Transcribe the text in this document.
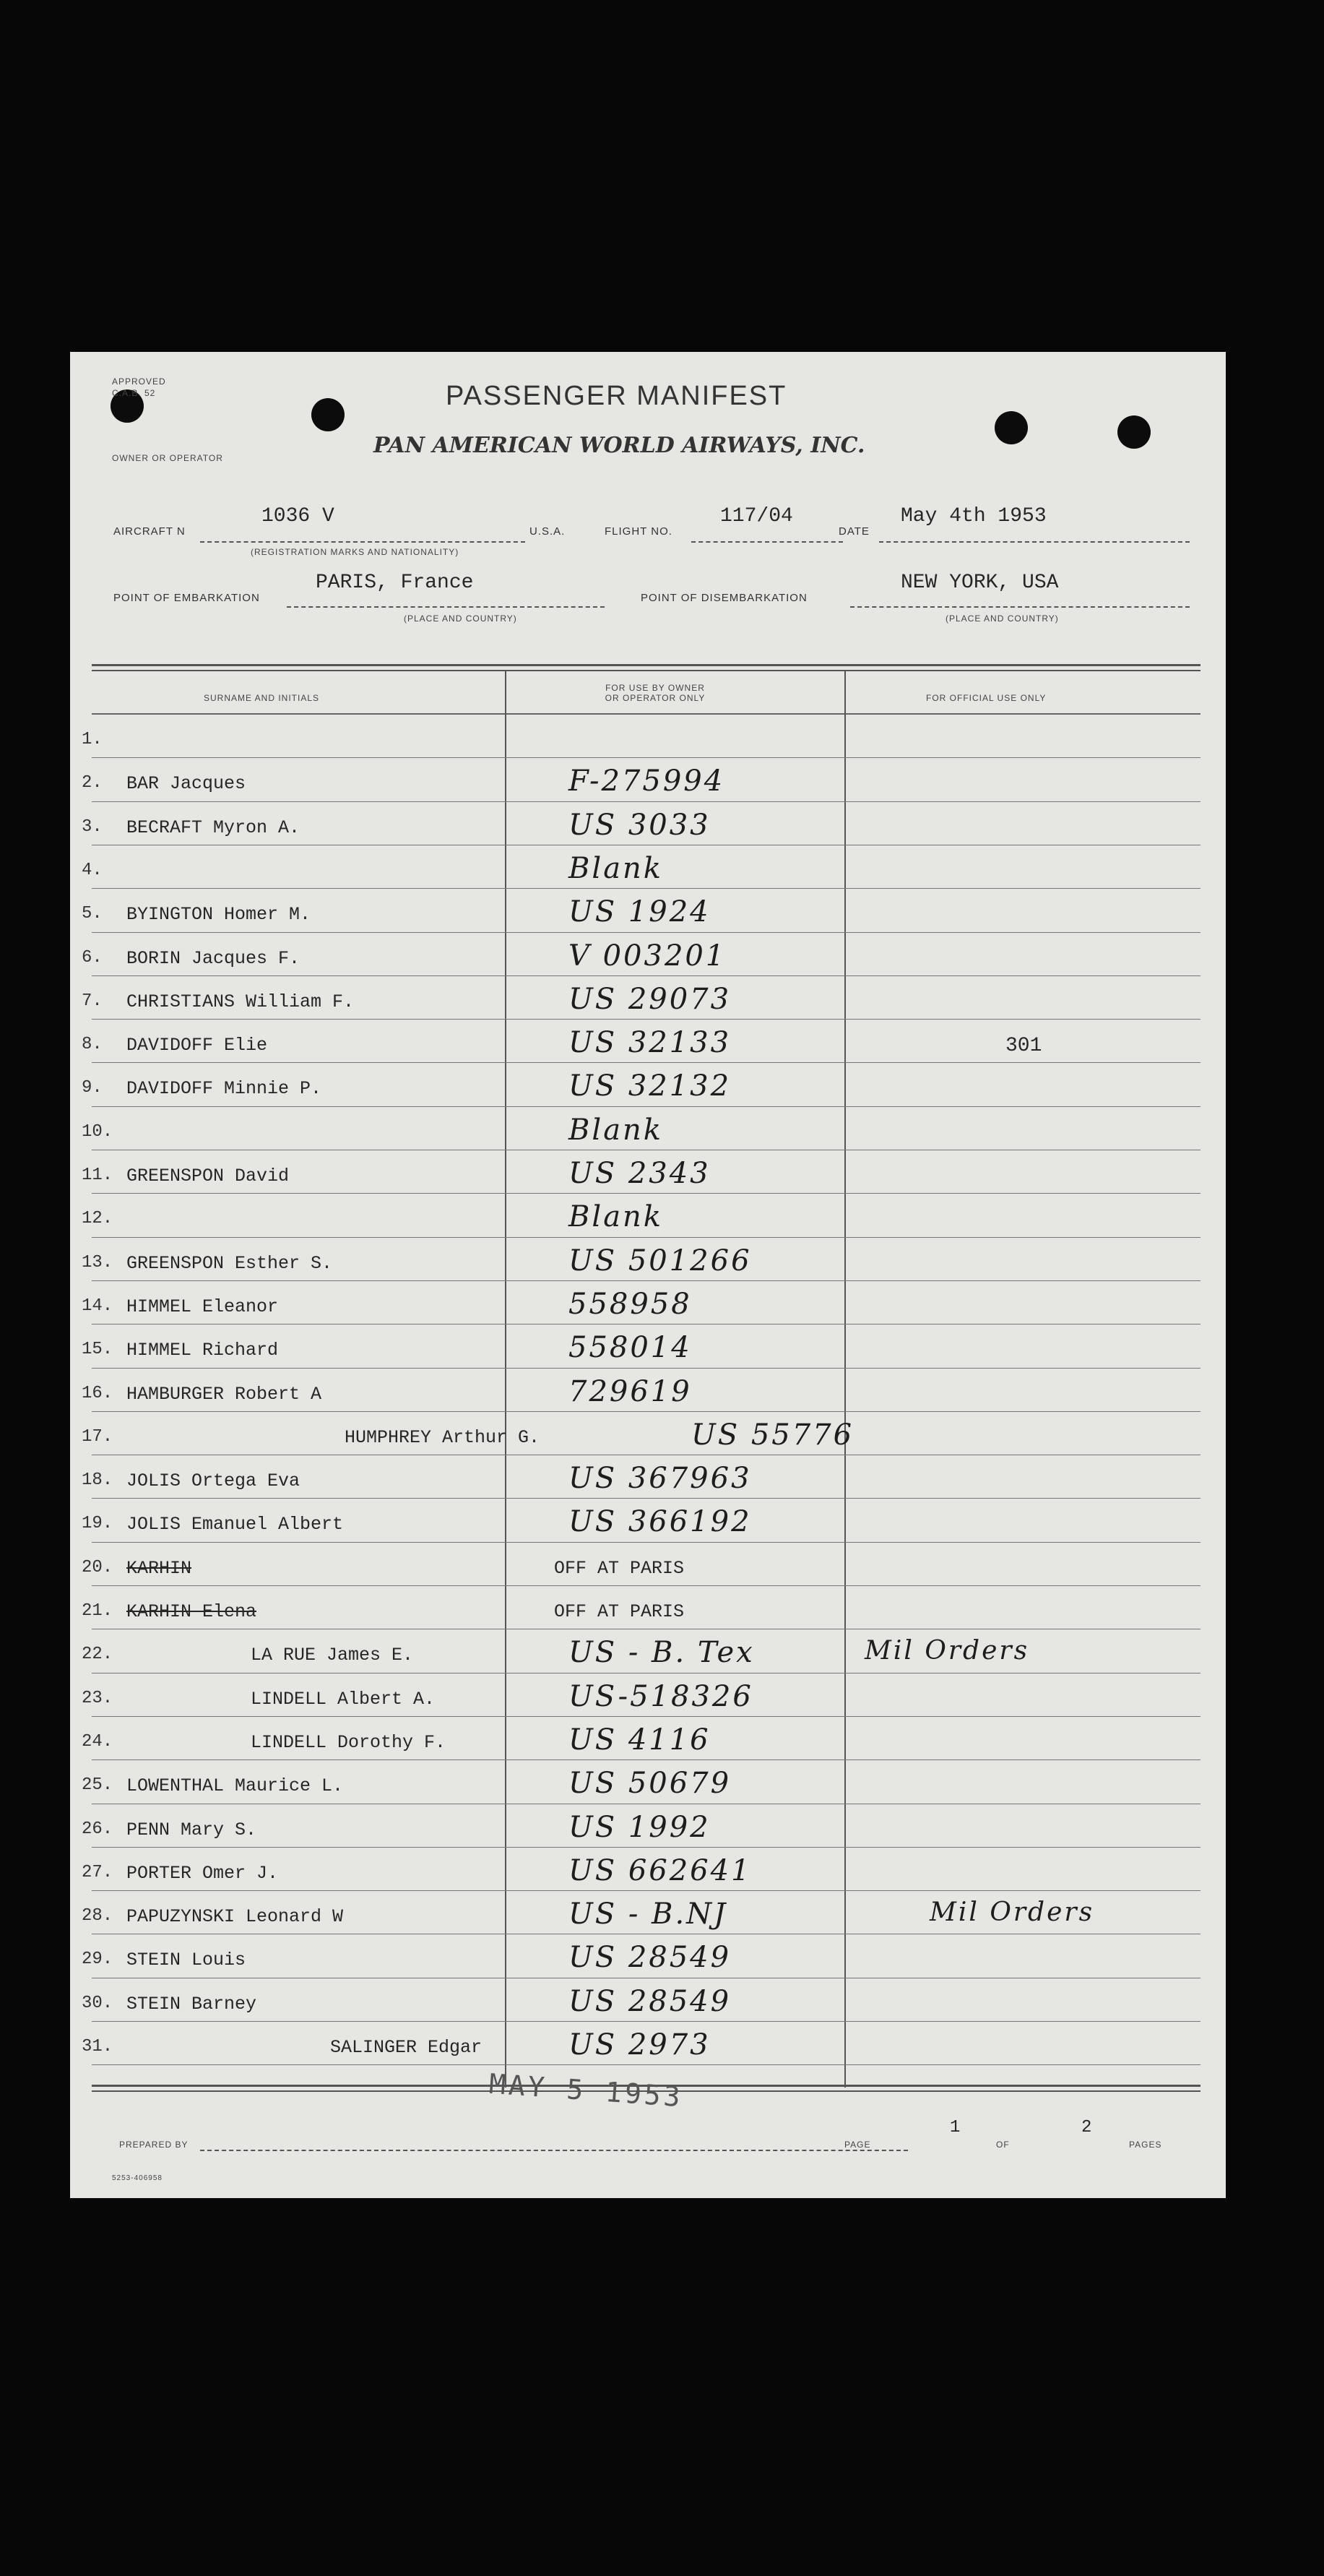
APPROVED
C.A.B. 52
OWNER OR OPERATOR
PASSENGER MANIFEST
PAN AMERICAN WORLD AIRWAYS, INC.
AIRCRAFT N
1036 V
(REGISTRATION MARKS AND NATIONALITY)
U.S.A.	FLIGHT NO.
117/04
DATE
May 4th 1953
POINT OF EMBARKATION
PARIS, France
(PLACE AND COUNTRY)
POINT OF DISEMBARKATION
NEW YORK, USA
(PLACE AND COUNTRY)
SURNAME AND INITIALS
FOR USE BY OWNER OR OPERATOR ONLY	FOR OFFICIAL USE ONLY
1.
2. BAR Jacques	F-275994
3. BECRAFT Myron A.	US 3033
4.	Blank
5. BYINGTON Homer M.	US 1924
6. BORIN Jacques F.	V 003201
7. CHRISTIANS William F.	US 29073
8. DAVIDOFF Elie	US 32133	301
9. DAVIDOFF Minnie P.	US 32132
10.	Blank
11. GREENSPON David	US 2343
12.	Blank
13. GREENSPON Esther S.	US 501266
14. HIMMEL Eleanor	558958
15. HIMMEL Richard	558014
16. HAMBURGER Robert A	729619
17.	HUMPHREY Arthur G.	US 55776
18. JOLIS Ortega Eva	US 367963
19. JOLIS Emanuel Albert	US 366192
20. KARHIN	OFF AT PARIS
21. KARHIN Elena	OFF AT PARIS
22.	LA RUE James E.	US - B. Tex	Mil Orders
23.	LINDELL Albert A.	US-518326
24.	LINDELL Dorothy F.	US 4116
25. LOWENTHAL Maurice L.	US 50679
26. PENN Mary S.	US 1992
27. PORTER Omer J.	US 662641
28. PAPUZYNSKI Leonard W	US - B.NJ	Mil Orders
29. STEIN Louis	US 28549
30. STEIN Barney	US 28549
31.	SALINGER Edgar	US 2973
MAY 5 1953
PREPARED BY	PAGE
1
OF
2
PAGES
5253-406958
